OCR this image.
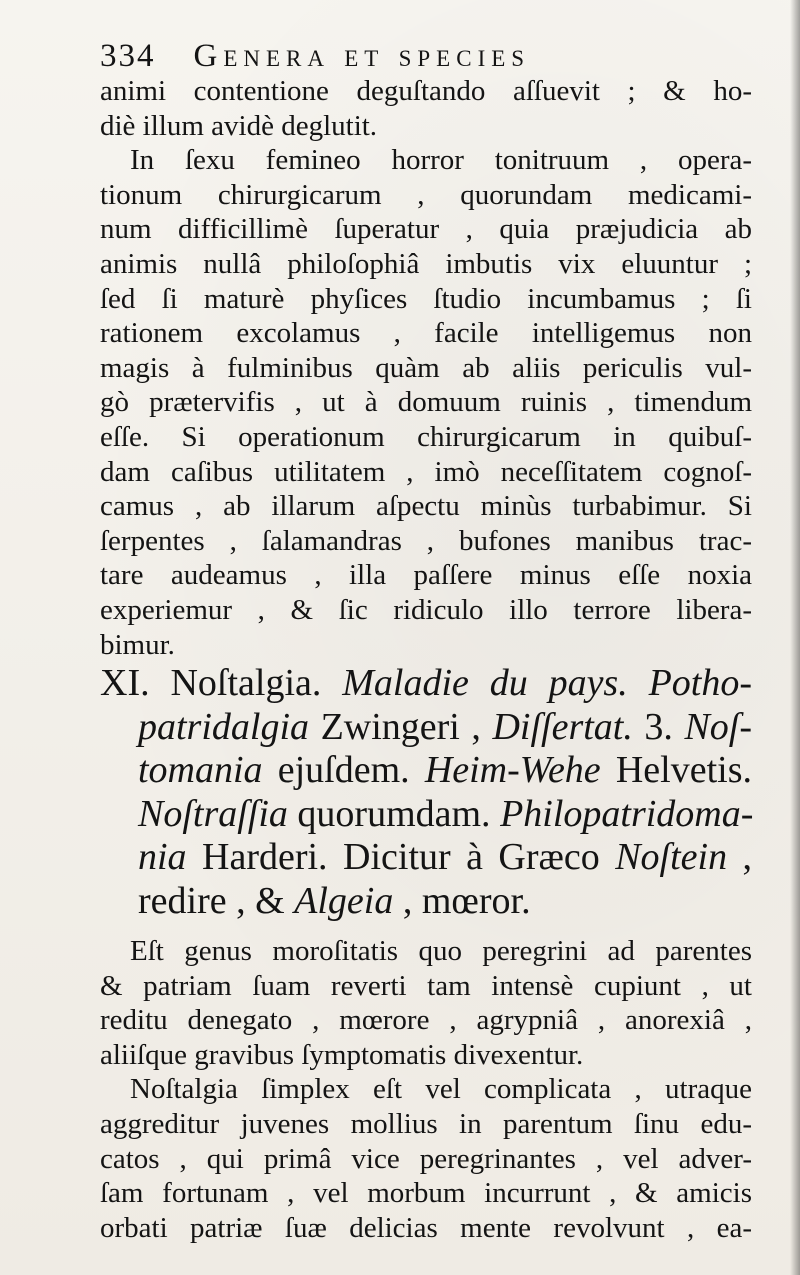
334 Genera et species
animi contentione deguſtando aſſuevit ; & ho-
diè illum avidè deglutit.
In ſexu femineo horror tonitruum , opera-
tionum chirurgicarum , quorundam medicami-
num difficillimè ſuperatur , quia præjudicia ab
animis nullâ philoſophiâ imbutis vix eluuntur ;
ſed ſi maturè phyſices ſtudio incumbamus ; ſi
rationem excolamus , facile intelligemus non
magis à fulminibus quàm ab aliis periculis vul-
gò prætervifis , ut à domuum ruinis , timendum
eſſe. Si operationum chirurgicarum in quibuſ-
dam caſibus utilitatem , imò neceſſitatem cognoſ-
camus , ab illarum aſpectu minùs turbabimur. Si
ſerpentes , ſalamandras , bufones manibus trac-
tare audeamus , illa paſſere minus eſſe noxia
experiemur , & ſic ridiculo illo terrore libera-
bimur.
XI. Noſtalgia. Maladie du pays. Potho-
patridalgia Zwingeri , Diſſertat. 3. Noſ-
tomania ejuſdem. Heim-Wehe Helvetis.
Noſtraſſia quorumdam. Philopatridoma-
nia Harderi. Dicitur à Græco Noſtein ,
redire , & Algeia , mœror.
Eſt genus moroſitatis quo peregrini ad parentes
& patriam ſuam reverti tam intensè cupiunt , ut
reditu denegato , mœrore , agrypniâ , anorexiâ ,
aliiſque gravibus ſymptomatis divexentur.
Noſtalgia ſimplex eſt vel complicata , utraque
aggreditur juvenes mollius in parentum ſinu edu-
catos , qui primâ vice peregrinantes , vel adver-
ſam fortunam , vel morbum incurrunt , & amicis
orbati patriæ ſuæ delicias mente revolvunt , ea-
